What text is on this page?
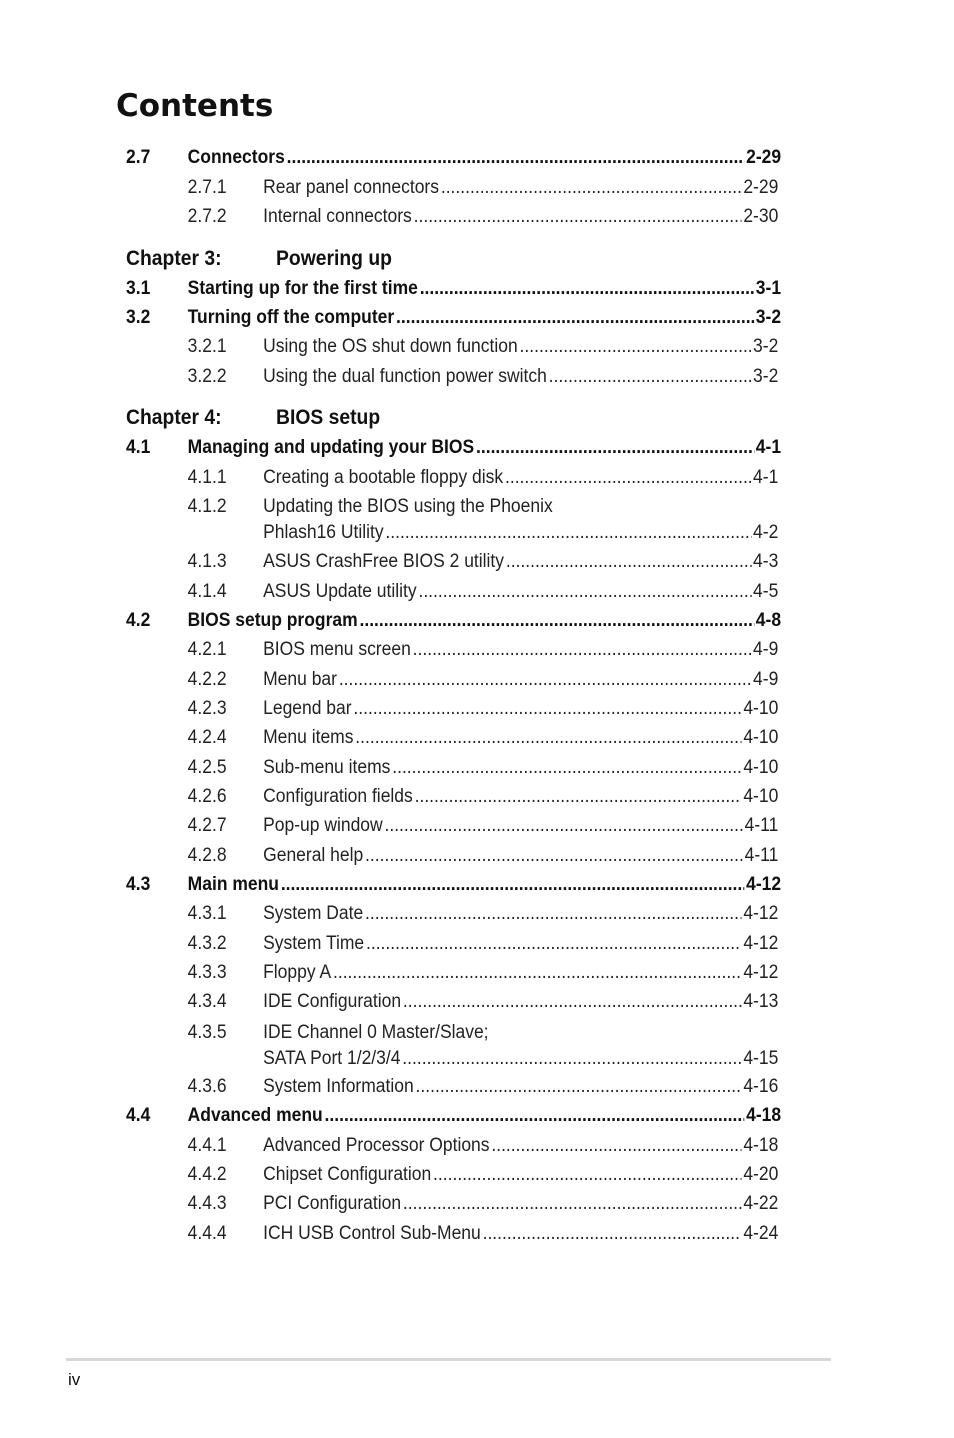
Contents
2.7 Connectors .....	2-29
2.7.1 Rear panel connectors .....	2-29
2.7.2 Internal connectors .....	2-30
Chapter 3:	Powering up
3.1 Starting up for the first time .....	3-1
3.2 Turning off the computer .....	3-2
3.2.1 Using the OS shut down function .....	3-2
3.2.2 Using the dual function power switch .....	3-2
Chapter 4:	BIOS setup
4.1 Managing and updating your BIOS .....	4-1
4.1.1 Creating a bootable floppy disk .....	4-1
4.1.2 Updating the BIOS using the Phoenix
Phlash16 Utility .....	4-2
4.1.3 ASUS CrashFree BIOS 2 utility .....	4-3
4.1.4 ASUS Update utility .....	4-5
4.2 BIOS setup program .....	4-8
4.2.1 BIOS menu screen .....	4-9
4.2.2 Menu bar .....	4-9
4.2.3 Legend bar .....	4-10
4.2.4 Menu items .....	4-10
4.2.5 Sub-menu items .....	4-10
4.2.6 Configuration fields .....	4-10
4.2.7 Pop-up window .....	4-11
4.2.8 General help .....	4-11
4.3 Main menu .....	4-12
4.3.1 System Date .....	4-12
4.3.2 System Time .....	4-12
4.3.3 Floppy A .....	4-12
4.3.4 IDE Configuration .....	4-13
4.3.5 IDE Channel 0 Master/Slave;
SATA Port 1/2/3/4 .....	4-15
4.3.6 System Information .....	4-16
4.4 Advanced menu .....	4-18
4.4.1 Advanced Processor Options .....	4-18
4.4.2 Chipset Configuration .....	4-20
4.4.3 PCI Configuration .....	4-22
4.4.4 ICH USB Control Sub-Menu .....	4-24
iv
